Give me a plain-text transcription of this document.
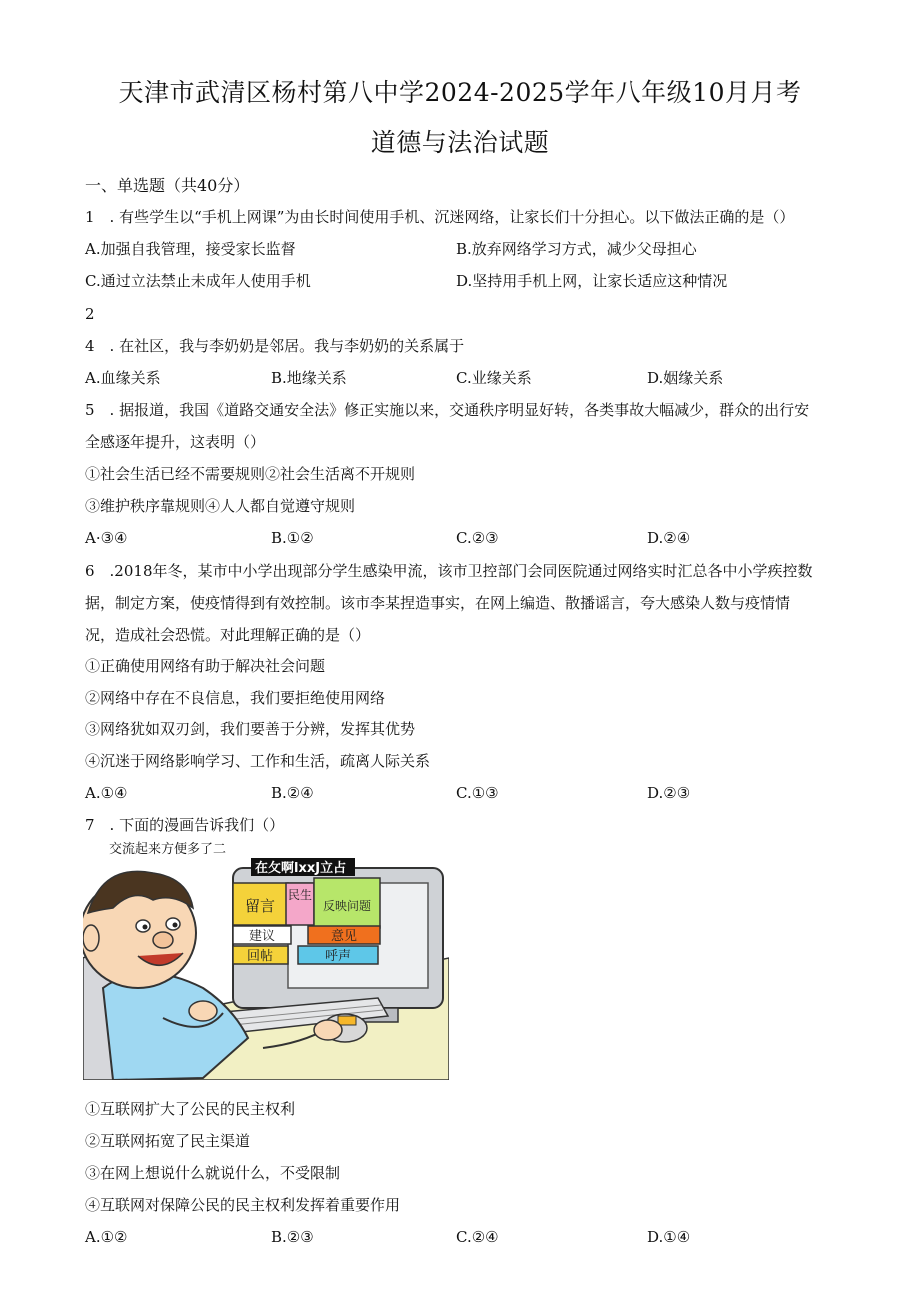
天津市武清区杨村第八中学2024-2025学年八年级10月月考
道德与法治试题
一、单选题（共40分）
1　. 有些学生以“手机上网课”为由长时间使用手机、沉迷网络，让家长们十分担心。以下做法正确的是（）
A.加强自我管理，接受家长监督	B.放弃网络学习方式，减少父母担心
C.通过立法禁止未成年人使用手机	D.坚持用手机上网，让家长适应这种情况
2
4　. 在社区，我与李奶奶是邻居。我与李奶奶的关系属于
A.血缘关系	B.地缘关系	C.业缘关系	D.姻缘关系
5　. 据报道，我国《道路交通安全法》修正实施以来，交通秩序明显好转，各类事故大幅减少，群众的出行安
全感逐年提升，这表明（）
①社会生活已经不需要规则②社会生活离不开规则
③维护秩序靠规则④人人都自觉遵守规则
A·③④	B.①②	C.②③	D.②④
6　.2018年冬，某市中小学出现部分学生感染甲流，该市卫控部门会同医院通过网络实时汇总各中小学疾控数
据，制定方案，使疫情得到有效控制。该市李某捏造事实，在网上编造、散播谣言，夸大感染人数与疫情情
况，造成社会恐慌。对此理解正确的是（）
①正确使用网络有助于解决社会问题
②网络中存在不良信息，我们要拒绝使用网络
③网络犹如双刃剑，我们要善于分辨，发挥其优势
④沉迷于网络影响学习、工作和生活，疏离人际关系
A.①④	B.②④	C.①③	D.②③
7　. 下面的漫画告诉我们（）
留言
民生
反映问题
建议	意见
回帖	呼声
交流起来方便多了二
在攵啊lxxJ立占
①互联网扩大了公民的民主权利
②互联网拓宽了民主渠道
③在网上想说什么就说什么，不受限制
④互联网对保障公民的民主权利发挥着重要作用
A.①②	B.②③	C.②④	D.①④
